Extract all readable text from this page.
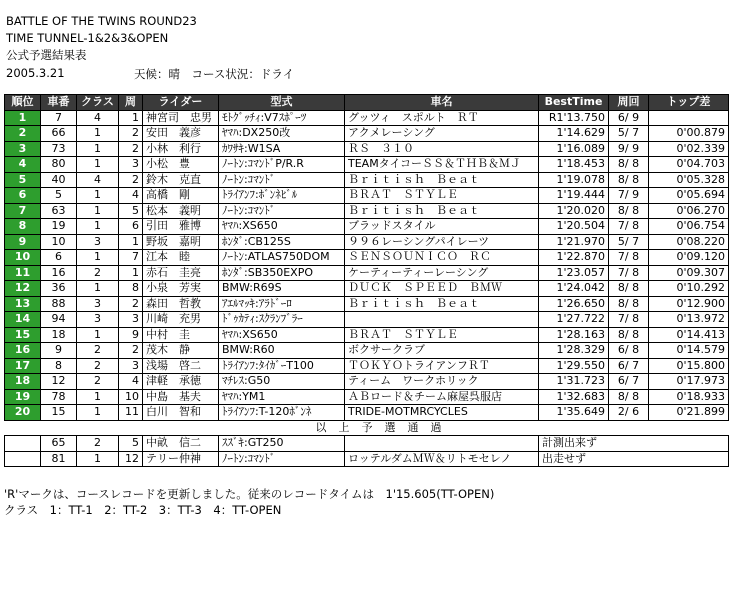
BATTLE OF THE TWINS ROUND23
TIME TUNNEL-1&2&3&OPEN
公式予選結果表
2005.3.21	天候：晴　コース状況：ドライ
順位	車番	クラス	周	ライダー	型式	車名	BestTime	周回	トップ差
1	7	4	1	神宮司　忠男	ﾓﾄｸﾞｯﾁｨ:V7ｽﾎﾟｰﾂ	グッツィ　スポルト　ＲＴ	R1'13.750	6/ 9	
2	66	1	2	安田　義彦	ﾔﾏﾊ:DX250改	アクメレーシング	1'14.629	5/ 7	0'00.879
3	73	1	2	小林　利行	ｶﾜｻｷ:W1SA	ＲＳ　３１０	1'16.089	9/ 9	0'02.339
4	80	1	3	小松　豊	ﾉｰﾄﾝ:ｺﾏﾝﾄﾞP/R.R	TEAMタイコーＳＳ＆ＴＨＢ＆ＭＪ	1'18.453	8/ 8	0'04.703
5	40	4	2	鈴木　克直	ﾉｰﾄﾝ:ｺﾏﾝﾄﾞ	Ｂｒｉｔｉｓｈ　Ｂｅａｔ	1'19.078	8/ 8	0'05.328
6	5	1	4	高橋　剛	ﾄﾗｲｱﾝﾌ:ﾎﾞﾝﾈﾋﾞﾙ	ＢＲＡＴ　ＳＴＹＬＥ	1'19.444	7/ 9	0'05.694
7	63	1	5	松本　義明	ﾉｰﾄﾝ:ｺﾏﾝﾄﾞ	Ｂｒｉｔｉｓｈ　Ｂｅａｔ	1'20.020	8/ 8	0'06.270
8	19	1	6	引田　雅博	ﾔﾏﾊ:XS650	ブラッドスタイル	1'20.504	7/ 8	0'06.754
9	10	3	1	野坂　嘉明	ﾎﾝﾀﾞ:CB125S	９９６レーシングパイレーツ	1'21.970	5/ 7	0'08.220
10	6	1	7	江本　睦	ﾉｰﾄﾝ:ATLAS750DOM	ＳＥＮＳＯＵＮＩＣＯ　ＲＣ	1'22.870	7/ 8	0'09.120
11	16	2	1	赤石　圭亮	ﾎﾝﾀﾞ:SB350EXPO	ケーティーティーレーシング	1'23.057	7/ 8	0'09.307
12	36	1	8	小泉　芳実	BMW:R69S	ＤＵＣＫ　ＳＰＥＥＤ　ＢＭＷ	1'24.042	8/ 8	0'10.292
13	88	3	2	森田　哲教	ｱｴﾙﾏｯｷ:ｱﾗﾄﾞｰﾛ	Ｂｒｉｔｉｓｈ　Ｂｅａｔ	1'26.650	8/ 8	0'12.900
14	94	3	3	川崎　充男	ﾄﾞｩｶﾃｨ:ｽｸﾗﾝﾌﾞﾗｰ		1'27.722	7/ 8	0'13.972
15	18	1	9	中村　圭	ﾔﾏﾊ:XS650	ＢＲＡＴ　ＳＴＹＬＥ	1'28.163	8/ 8	0'14.413
16	9	2	2	茂木　静	BMW:R60	ボクサークラブ	1'28.329	6/ 8	0'14.579
17	8	2	3	浅場　啓二	ﾄﾗｲｱﾝﾌ:ﾀｲｶﾞｰT100	ＴＯＫＹＯトライアンフＲＴ	1'29.550	6/ 7	0'15.800
18	12	2	4	津軽　承徳	ﾏﾁﾚｽ:G50	ティーム　ワークホリック	1'31.723	6/ 7	0'17.973
19	78	1	10	中島　基夫	ﾔﾏﾊ:YM1	ＡＢロード＆チーム麻屋呉服店	1'32.683	8/ 8	0'18.933
20	15	1	11	白川　智和	ﾄﾗｲｱﾝﾌ:T-120ﾎﾞﾝﾈ	TRIDE-MOTMRCYCLES	1'35.649	2/ 6	0'21.899
	以上予選通過								
	65	2	5	中畝　信二	ｽｽﾞｷ:GT250		計測出来ず		
	81	1	12	テリー仲神	ﾉｰﾄﾝ:ｺﾏﾝﾄﾞ	ロッテルダムＭＷ＆リトモセレノ	出走せず		
'R'マークは、コースレコードを更新しました。従来のレコードタイムは　1'15.605(TT-OPEN)
クラス　1：TT-1　2：TT-2　3：TT-3　4：TT-OPEN
